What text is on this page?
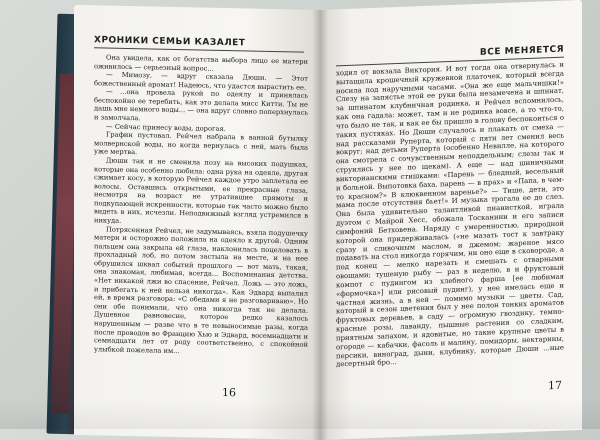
ХРОНИКИ СЕМЬИ КАЗАЛЕТ

Она увидела, как от богатства выбора лицо ее матери оживилось — серьезный вопрос...

— Мимозу, — вдруг сказала Дюши. — Этот божественный аромат! Надеюсь, что удастся вырастить ее.

— ...она провела рукой по одеялу и принялась беспокойно ее теребить, как это делала мисс Китти. Ты не дашь мне немного воды... — она вдруг словно поперхнулась и замолчала.

— Сейчас принесу воды, дорогая.

Графин пустовал. Рейчел набрала в ванной бутылку молвернской воды, но когда вернулась с ней, мать была уже мертва.

Дюши так и не сменила позу на высоких подушках, которые она особенно любила: одна рука на одеяле, другая сжимает косу, в которую Рейчел каждое утро заплетала ее волосы. Оставшись открытыми, ее прекрасные глаза, несмотря на возраст не утратившие прямоты и подкупающей искренности, которые так часто можно было видеть в них, исчезли. Неподвижный взгляд устремился в никуда.

Потрясенная Рейчел, не задумываясь, взяла подушечку матери и осторожно положила на одеяло к другой. Одним пальцем она закрыла ей глаза, наклонилась поцеловать в прохладный лоб, но потом застыла на месте, и на нее обрушился шквал событий прошлого — вот мать, такая, она знакомая, любимая, всегда... Воспоминания детства. «Нет никакой лжи во спасение, Рейчел. Ложь — это ложь, и прибегать к ней нельзя никогда». Как Эдвард выпалил ей, в время разговора: «С обедами я не разговариваю». Но они обе понимали, что она никогда так не делала. Душевное равновесие, которое редко казалось нарушенным — разве что в те невыносимые разы, когда после проводов во Францию Хью и Эдвард, восемнадцати и семнадцати лет от роду соответственно, с спокойной улыбкой пожелала им...

16
ВСЕ МЕНЯЕТСЯ

ходил от вокзала Виктория. И вот тогда она отвернулась и вытащила крошечный кружевной платочек, который всегда носила под наручными часами. «Она же еще мальчишки!» Слезу на запястье этой ее руки была незамечена и шпинат, за шпинатом клубничная родинка, и Рейчел вспомнилось, как она гадала: может, там и не родинка вовсе, а то что-то, что было не так, и как ее бы пришло в голову беспокоиться о таких пустяках. Но Дюши случалось и плакать от смеха — над рассказами Руперта, который с пяти лет сменил весь вокруг; над детьми Руперта (особенно Невилле, на которого она смотрела с сочувственным неподдельным; слезы так и струились у нее по щекам). А еще — над шиничными викторианскими стишками: «Парень — бледный, весельный и больной. Выпотовка баха, парень — в прах» и «Папа, в чем-то красном?» В клюквенном варенье?» — Тише, дети, это мама после отсутствия бьет!» И музыка трогала ее до слез. Она была удивительно талантливой пианисткой, играла дуэтом с Майрой Хесс, обожала Тосканини и его записи симфоний Бетховена. Наряду с умеренностью, природной которой она придерживалась («не мазать тост к завтраку сразу и сливочным маслом, и джемом; жареное мясо подавать на стол никогда горячим, ни оно еще в сковороде, а под конец — мелко нарезать и смешать с отварными овощами; тушеную рыбу — раз в неделю, в и фруктовый компот с пудингом из хлебного фарша [ее любимая «формочка»] или рисовый пудинг), у нее имелась еще и частная жизнь, а в ней — помимо музыки — цветы. Сад, который в сезон цветения был у нее полон тонких ароматов фруктовых деревьев, в саду — огромную гвоздику, темно-красные розы, лаванду, пышные растения со сладким, приятным запахом, и ядовитые, но такие крупные цветы в огороде — кабачки, фасоль и малину, помидоры, нектарины, персики, виноград, дыни, клубнику, которые Дюши ...ные десертный бро...

17
